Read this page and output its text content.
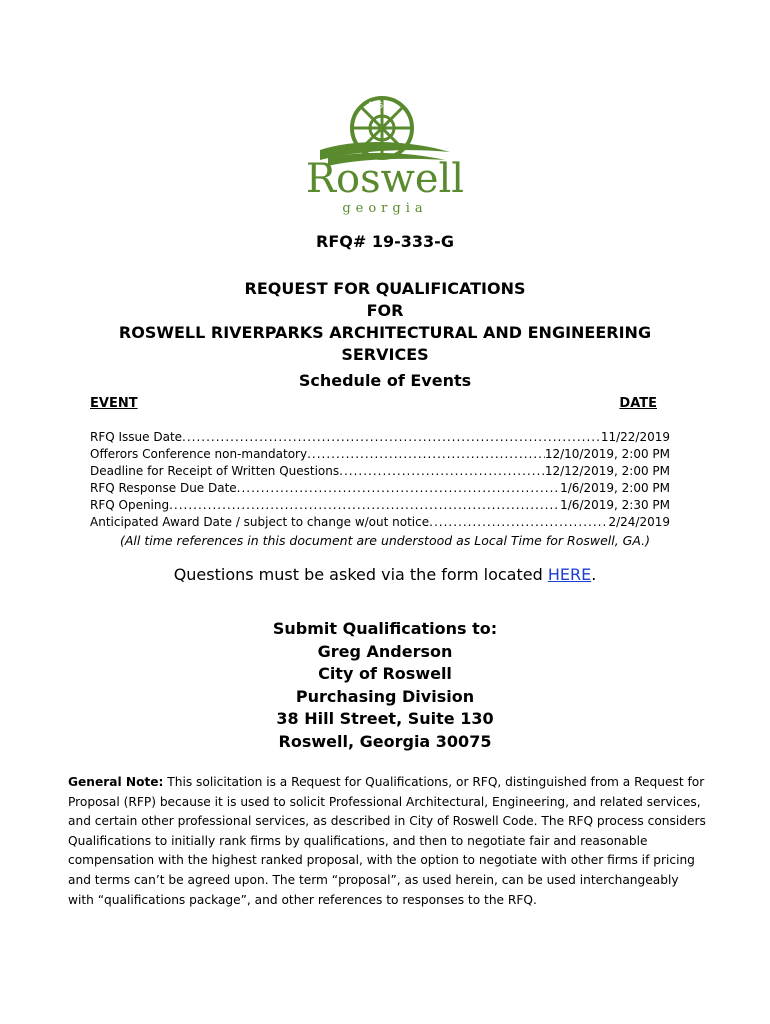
1854
Roswell
georgia
RFQ# 19-333-G
REQUEST FOR QUALIFICATIONS
FOR
ROSWELL RIVERPARKS ARCHITECTURAL AND ENGINEERING
SERVICES
Schedule of Events
EVENT	DATE
RFQ Issue Date .....	11/22/2019
Offerors Conference non-mandatory .....	12/10/2019, 2:00 PM
Deadline for Receipt of Written Questions .....	12/12/2019, 2:00 PM
RFQ Response Due Date .....	1/6/2019, 2:00 PM
RFQ Opening .....	1/6/2019, 2:30 PM
Anticipated Award Date / subject to change w/out notice .....	2/24/2019
(All time references in this document are understood as Local Time for Roswell, GA.)
Questions must be asked via the form located HERE.
Submit Qualifications to:
Greg Anderson
City of Roswell
Purchasing Division
38 Hill Street, Suite 130
Roswell, Georgia 30075
General Note: This solicitation is a Request for Qualifications, or RFQ, distinguished from a Request for Proposal (RFP) because it is used to solicit Professional Architectural, Engineering, and related services, and certain other professional services, as described in City of Roswell Code. The RFQ process considers Qualifications to initially rank firms by qualifications, and then to negotiate fair and reasonable compensation with the highest ranked proposal, with the option to negotiate with other firms if pricing and terms can’t be agreed upon. The term “proposal”, as used herein, can be used interchangeably with “qualifications package”, and other references to responses to the RFQ.
